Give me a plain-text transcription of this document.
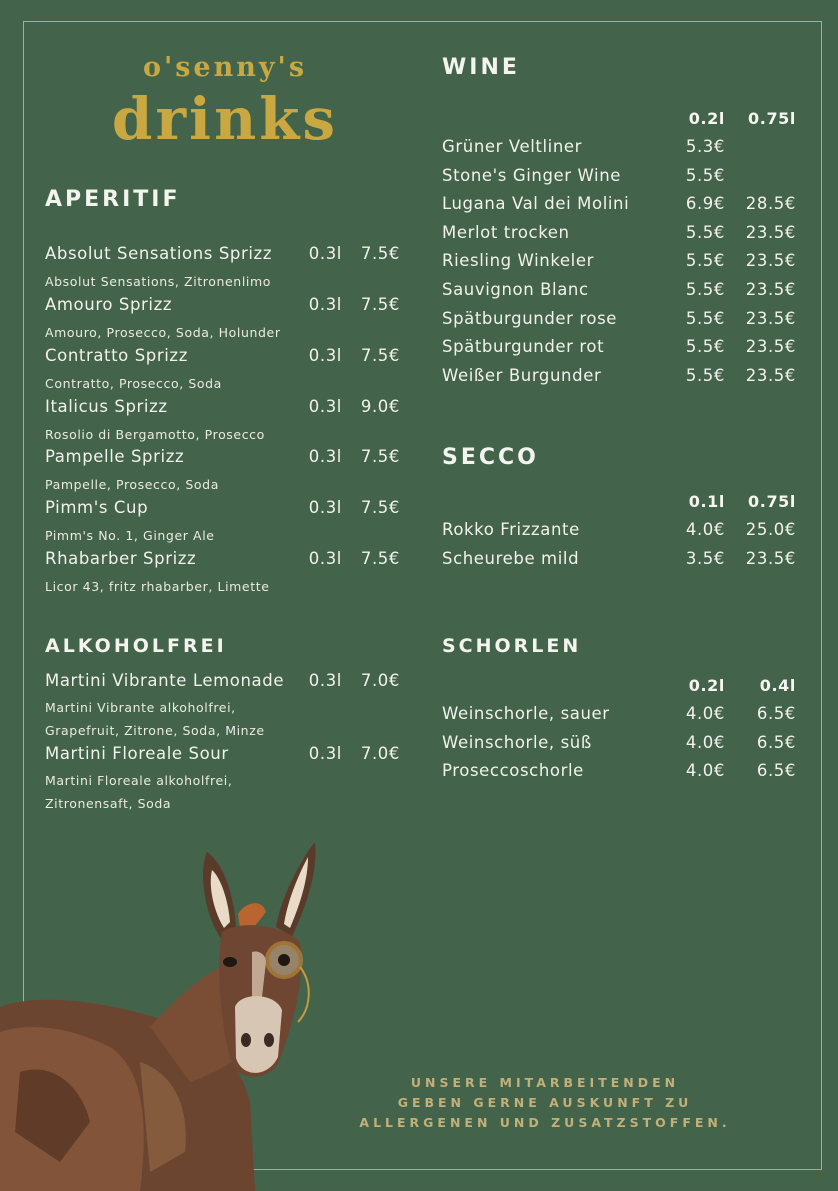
o'senny's
drinks
APERITIF
Absolut Sensations Sprizz	0.3l	7.5€
Absolut Sensations, Zitronenlimo
Amouro Sprizz	0.3l	7.5€
Amouro, Prosecco, Soda, Holunder
Contratto Sprizz	0.3l	7.5€
Contratto, Prosecco, Soda
Italicus Sprizz	0.3l	9.0€
Rosolio di Bergamotto, Prosecco
Pampelle Sprizz	0.3l	7.5€
Pampelle, Prosecco, Soda
Pimm's Cup	0.3l	7.5€
Pimm's No. 1, Ginger Ale
Rhabarber Sprizz	0.3l	7.5€
Licor 43, fritz rhabarber, Limette
ALKOHOLFREI
Martini Vibrante Lemonade	0.3l	7.0€
Martini Vibrante alkoholfrei,
Grapefruit, Zitrone, Soda, Minze
Martini Floreale Sour	0.3l	7.0€
Martini Floreale alkoholfrei,
Zitronensaft, Soda
WINE
0.2l	0.75l
Grüner Veltliner	5.3€
Stone's Ginger Wine	5.5€
Lugana Val dei Molini	6.9€	28.5€
Merlot trocken	5.5€	23.5€
Riesling Winkeler	5.5€	23.5€
Sauvignon Blanc	5.5€	23.5€
Spätburgunder rose	5.5€	23.5€
Spätburgunder rot	5.5€	23.5€
Weißer Burgunder	5.5€	23.5€
SECCO
0.1l	0.75l
Rokko Frizzante	4.0€	25.0€
Scheurebe mild	3.5€	23.5€
SCHORLEN
0.2l	0.4l
Weinschorle, sauer	4.0€	6.5€
Weinschorle, süß	4.0€	6.5€
Proseccoschorle	4.0€	6.5€
UNSERE MITARBEITENDEN
GEBEN GERNE AUSKUNFT ZU
ALLERGENEN UND ZUSATZSTOFFEN.
